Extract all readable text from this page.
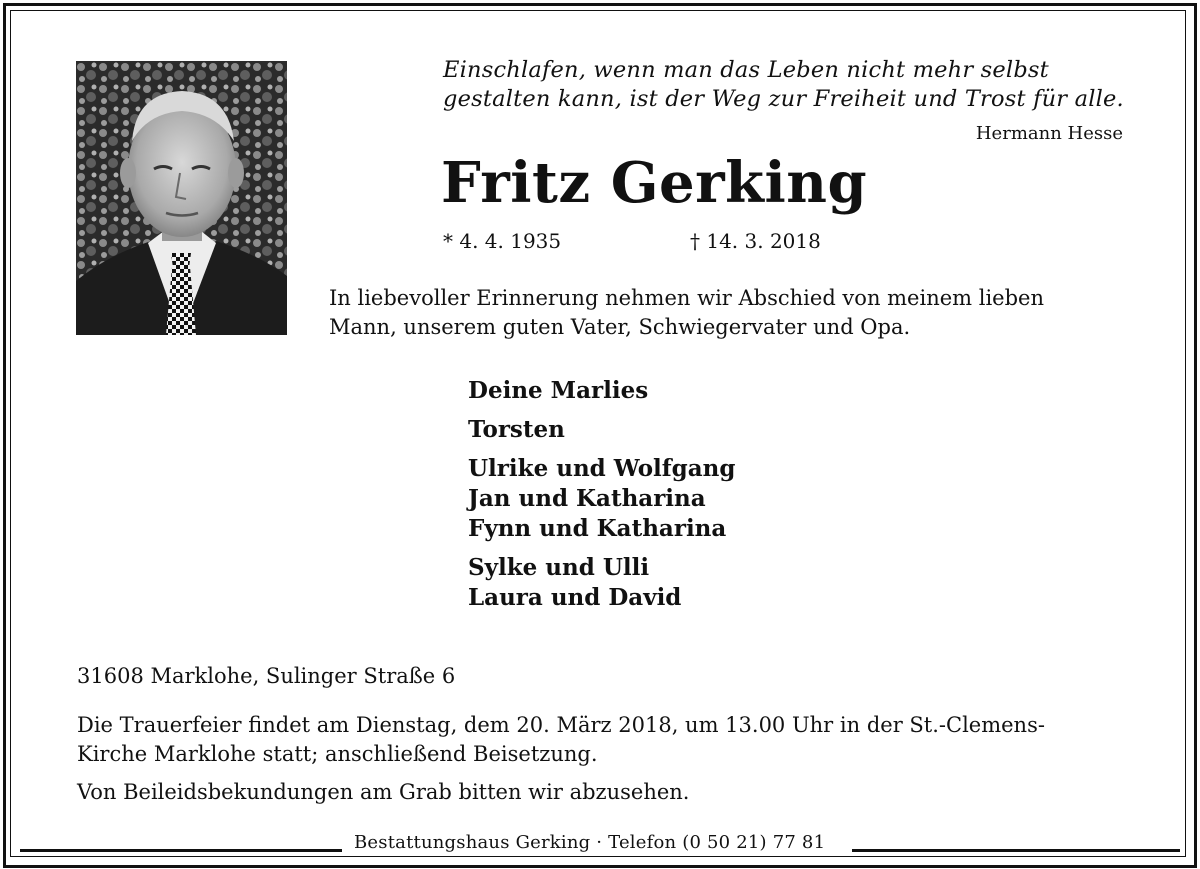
Einschlafen, wenn man das Leben nicht mehr selbst
gestalten kann, ist der Weg zur Freiheit und Trost für alle.
Hermann Hesse
Fritz Gerking
* 4. 4. 1935	† 14. 3. 2018
In liebevoller Erinnerung nehmen wir Abschied von meinem lieben
Mann, unserem guten Vater, Schwiegervater und Opa.
Deine Marlies
Torsten
Ulrike und Wolfgang
Jan und Katharina
Fynn und Katharina
Sylke und Ulli
Laura und David
31608 Marklohe, Sulinger Straße 6
Die Trauerfeier findet am Dienstag, dem 20. März 2018, um 13.00 Uhr in der St.-Clemens-
Kirche Marklohe statt; anschließend Beisetzung.
Von Beileidsbekundungen am Grab bitten wir abzusehen.
Bestattungshaus Gerking · Telefon (0 50 21) 77 81
